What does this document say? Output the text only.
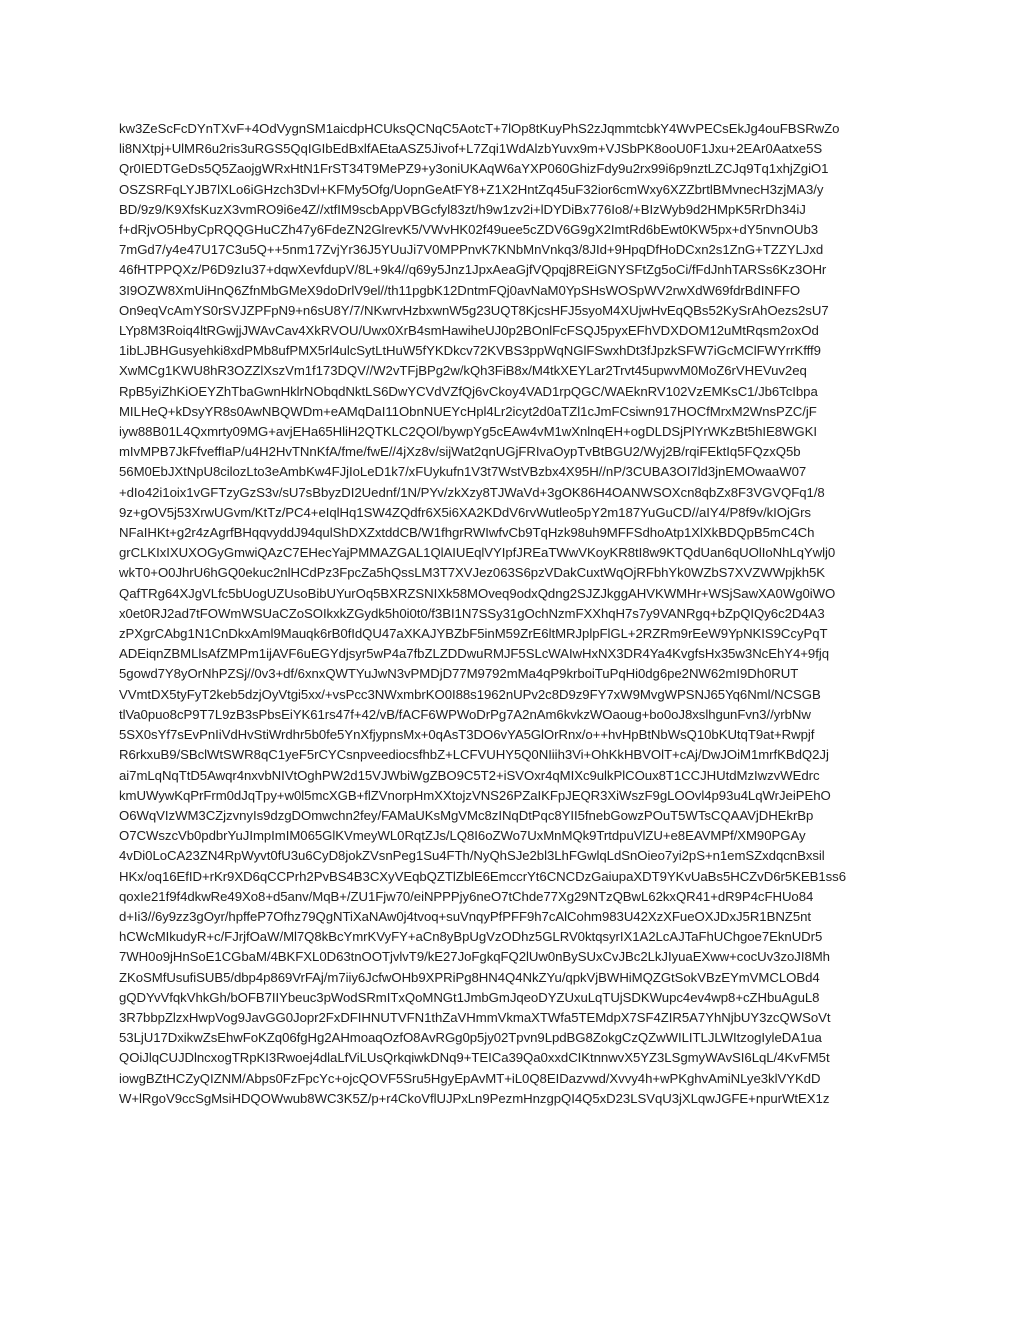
kw3ZeScFcDYnTXvF+4OdVygnSM1aicdpHCUksQCNqC5AotcT+7lOp8tKuyPhS2zJqmmtcbkY4WvPECsEkJg4ouFBSRwZo
li8NXtpj+UlMR6u2ris3uRGS5QqIGIbEdBxlfAEtaASZ5Jivof+L7Zqi1WdAlzbYuvx9m+VJSbPK8ooU0F1Jxu+2EAr0Aatxe5S
Qr0IEDTGeDs5Q5ZaojgWRxHtN1FrST34T9MePZ9+y3oniUKAqW6aYXP060GhizFdy9u2rx99i6p9nztLZCJq9Tq1xhjZgiO1
OSZSRFqLYJB7lXLo6iGHzch3Dvl+KFMy5Ofg/UopnGeAtFY8+Z1X2HntZq45uF32ior6cmWxy6XZZbrtlBMvnecH3zjMA3/y
BD/9z9/K9XfsKuzX3vmRO9i6e4Z//xtfIM9scbAppVBGcfyl83zt/h9w1zv2i+lDYDiBx776Io8/+BIzWyb9d2HMpK5RrDh34iJ
f+dRjvO5HbyCpRQQGHuCZh47y6FdeZN2GlrevK5/VWvHK02f49uee5cZDV6G9gX2ImtRd6bEwt0KW5px+dY5nvnOUb3
7mGd7/y4e47U17C3u5Q++5nm17ZvjYr36J5YUuJi7V0MPPnvK7KNbMnVnkq3/8JId+9HpqDfHoDCxn2s1ZnG+TZZYLJxd
46fHTPPQXz/P6D9zIu37+dqwXevfdupV/8L+9k4//q69y5Jnz1JpxAeaGjfVQpqj8REiGNYSFtZg5oCi/fFdJnhTARSs6Kz3OHr
3I9OZW8XmUiHnQ6ZfnMbGMeX9doDrlV9el//th11pgbK12DntmFQj0avNaM0YpSHsWOSpWV2rwXdW69fdrBdINFFO
On9eqVcAmYS0rSVJZPFpN9+n6sU8Y/7/NKwrvHzbxwnW5g23UQT8KjcsHFJ5syoM4XUjwHvEqQBs52KySrAhOezs2sU7
LYp8M3Roiq4ltRGwjjJWAvCav4XkRVOU/Uwx0XrB4smHawiheUJ0p2BOnlFcFSQJ5pyxEFhVDXDOM12uMtRqsm2oxOd
1ibLJBHGusyehki8xdPMb8ufPMX5rl4ulcSytLtHuW5fYKDkcv72KVBS3ppWqNGlFSwxhDt3fJpzkSFW7iGcMClFWYrrKfff9
XwMCg1KWU8hR3OZZlXszVm1f173DQV//W2vTFjBPg2w/kQh3FiB8x/M4tkXEYLar2Trvt45upwvM0MoZ6rVHEVuv2eq
RpB5yiZhKiOEYZhTbaGwnHklrNObqdNktLS6DwYCVdVZfQj6vCkoy4VAD1rpQGC/WAEknRV102VzEMKsC1/Jb6TcIbpa
MILHeQ+kDsyYR8s0AwNBQWDm+eAMqDaI11ObnNUEYcHpl4Lr2icyt2d0aTZl1cJmFCsiwn917HOCfMrxM2WnsPZC/jF
iyw88B01L4Qxmrty09MG+avjEHa65HliH2QTKLC2QOl/bywpYg5cEAw4vM1wXnlnqEH+ogDLDSjPlYrWKzBt5hIE8WGKI
mIvMPB7JkFfveffIaP/u4H2HvTNnKfA/fme/fwE//4jXz8v/sijWat2qnUGjFRIvaOypTvBtBGU2/Wyj2B/rqiFEktIq5FQzxQ5b
56M0EbJXtNpU8cilozLto3eAmbKw4FJjIoLeD1k7/xFUykufn1V3t7WstVBzbx4X95H//nP/3CUBA3OI7ld3jnEMOwaaW07
+dIo42i1oix1vGFTzyGzS3v/sU7sBbyzDI2Uednf/1N/PYv/zkXzy8TJWaVd+3gOK86H4OANWSOXcn8qbZx8F3VGVQFq1/8
9z+gOV5j53XrwUGvm/KtTz/PC4+eIqlHq1SW4ZQdfr6X5i6XA2KDdV6rvWutleo5pY2m187YuGuCD//aIY4/P8f9v/kIOjGrs
NFaIHKt+g2r4zAgrfBHqqvyddJ94qulShDXZxtddCB/W1fhgrRWIwfvCb9TqHzk98uh9MFFSdhoAtp1XlXkBDQpB5mC4Ch
grCLKIxIXUXOGyGmwiQAzC7EHecYajPMMAZGAL1QlAIUEqlVYIpfJREaTWwVKoyKR8tI8w9KTQdUan6qUOlIoNhLqYwlj0
wkT0+O0JhrU6hGQ0ekuc2nlHCdPz3FpcZa5hQssLM3T7XVJez063S6pzVDakCuxtWqOjRFbhYk0WZbS7XVZWWpjkh5K
QafTRg64XJgVLfc5bUogUZUsoBibUYurOq5BXRZSNIXk58MOveq9odxQdng2SJZJkggAHVKWMHr+WSjSawXA0Wg0iWO
x0et0RJ2ad7tFOWmWSUaCZoSOIkxkZGydk5h0i0t0/f3BI1N7SSy31gOchNzmFXXhqH7s7y9VANRgq+bZpQIQy6c2D4A3
zPXgrCAbg1N1CnDkxAml9Mauqk6rB0fIdQU47aXKAJYBZbF5inM59ZrE6ltMRJplpFlGL+2RZRm9rEeW9YpNKIS9CcyPqT
ADEiqnZBMLlsAfZMPm1ijAVF6uEGYdjsyr5wP4a7fbZLZDDwuRMJF5SLcWAIwHxNX3DR4Ya4KvgfsHx35w3NcEhY4+9fjq
5gowd7Y8yOrNhPZSj//0v3+df/6xnxQWTYuJwN3vPMDjD77M9792mMa4qP9krboiTuPqHi0dg6pe2NW62mI9Dh0RUT
VVmtDX5tyFyT2keb5dzjOyVtgi5xx/+vsPcc3NWxmbrKO0I88s1962nUPv2c8D9z9FY7xW9MvgWPSNJ65Yq6Nml/NCSGB
tlVa0puo8cP9T7L9zB3sPbsEiYK61rs47f+42/vB/fACF6WPWoDrPg7A2nAm6kvkzWOaoug+bo0oJ8xslhgunFvn3//yrbNw
5SX0sYf7sEvPnIiVdHvStiWrdhr5b0fe5YnXfjypnsMx+0qAsT3DO6vYA5GlOrRnx/o++hvHpBtNbWsQ10bKUtqT9at+Rwpjf
R6rkxuB9/SBclWtSWR8qC1yeF5rCYCsnpveediocsfhbZ+LCFVUHY5Q0NIiih3Vi+OhKkHBVOlT+cAj/DwJOiM1mrfKBdQ2Jj
ai7mLqNqTtD5Awqr4nxvbNIVtOghPW2d15VJWbiWgZBO9C5T2+iSVOxr4qMIXc9ulkPlCOux8T1CCJHUtdMzIwzvWEdrc
kmUWywKqPrFrm0dJqTpy+w0l5mcXGB+flZVnorpHmXXtojzVNS26PZaIKFpJEQR3XiWszF9gLOOvl4p93u4LqWrJeiPEhO
O6WqVIzWM3CZjzvnyIs9dzgDOmwchn2fey/FAMaUKsMgVMc8zINqDtPqc8YII5fnebGowzPOuT5WTsCQAAVjDHEkrBp
O7CWszcVb0pdbrYuJImpImIM065GlKVmeyWL0RqtZJs/LQ8I6oZWo7UxMnMQk9TrtdpuVlZU+e8EAVMPf/XM90PGAy
4vDi0LoCA23ZN4RpWyvt0fU3u6CyD8jokZVsnPeg1Su4FTh/NyQhSJe2bl3LhFGwlqLdSnOieo7yi2pS+n1emSZxdqcnBxsil
HKx/oq16EfID+rKr9XD6qCCPrh2PvBS4B3CXyVEqbQZTlZblE6EmccrYt6CNCDzGaiupaXDT9YKvUaBs5HCZvD6r5KEB1ss6
qoxIe21f9f4dkwRe49Xo8+d5anv/MqB+/ZU1Fjw70/eiNPPPjy6neO7tChde77Xg29NTzQBwL62kxQR41+dR9P4cFHUo84
d+Ii3//6y9zz3gOyr/hpffeP7Ofhz79QgNTiXaNAw0j4tvoq+suVnqyPfPFF9h7cAlCohm983U42XzXFueOXJDxJ5R1BNZ5nt
hCWcMIkudyR+c/FJrjfOaW/Ml7Q8kBcYmrKVyFY+aCn8yBpUgVzODhz5GLRV0ktqsyrIX1A2LcAJTaFhUChgoe7EknUDr5
7WH0o9jHnSoE1CGbaM/4BKFXL0D63tnOOTjvlvT9/kE27JoFgkqFQ2lUw0nBySUxCvJBc2LkJIyuaEXww+cocUv3zoJI8Mh
ZKoSMfUsufiSUB5/dbp4p869VrFAj/m7iiy6JcfwOHb9XPRiPg8HN4Q4NkZYu/qpkVjBWHiMQZGtSokVBzEYmVMCLOBd4
gQDYvVfqkVhkGh/bOFB7IIYbeuc3pWodSRmITxQoMNGt1JmbGmJqeoDYZUxuLqTUjSDKWupc4ev4wp8+cZHbuAguL8
3R7bbpZlzxHwpVog9JavGG0Jopr2FxDFIHNUTVFN1thZaVHmmVkmaXTWfa5TEMdpX7SF4ZIR5A7YhNjbUY3zcQWSoVt
53LjU17DxikwZsEhwFoKZq06fgHg2AHmoaqOzfO8AvRGg0p5jy02Tpvn9LpdBG8ZokgCzQZwWILITLJLWItzogIyleDA1ua
QOiJlqCUJDlncxogTRpKI3Rwoej4dlaLfViLUsQrkqiwkDNq9+TEICa39Qa0xxdCIKtnnwvX5YZ3LSgmyWAvSI6LqL/4KvFM5t
iowgBZtHCZyQIZNM/Abps0FzFpcYc+ojcQOVF5Sru5HgyEpAvMT+iL0Q8EIDazvwd/Xvvy4h+wPKghvAmiNLye3klVYKdD
W+lRgoV9ccSgMsiHDQOWwub8WC3K5Z/p+r4CkoVflUJPxLn9PezmHnzgpQI4Q5xD23LSVqU3jXLqwJGFE+npurWtEX1z
